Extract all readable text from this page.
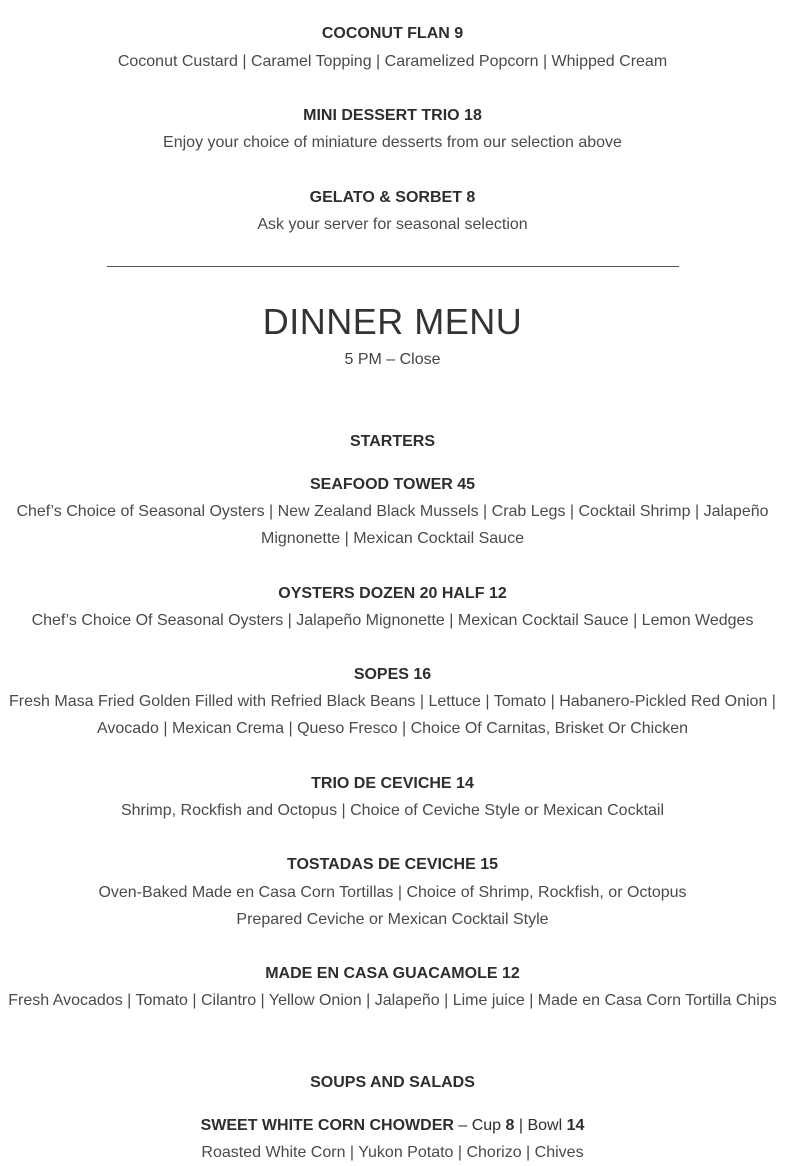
COCONUT FLAN 9
Coconut Custard | Caramel Topping | Caramelized Popcorn | Whipped Cream
MINI DESSERT TRIO 18
Enjoy your choice of miniature desserts from our selection above
GELATO & SORBET 8
Ask your server for seasonal selection
DINNER MENU
5 PM – Close
STARTERS
SEAFOOD TOWER 45
Chef’s Choice of Seasonal Oysters | New Zealand Black Mussels | Crab Legs | Cocktail Shrimp | Jalapeño Mignonette | Mexican Cocktail Sauce
OYSTERS DOZEN 20 HALF 12
Chef’s Choice Of Seasonal Oysters | Jalapeño Mignonette | Mexican Cocktail Sauce | Lemon Wedges
SOPES 16
Fresh Masa Fried Golden Filled with Refried Black Beans | Lettuce | Tomato | Habanero-Pickled Red Onion | Avocado | Mexican Crema | Queso Fresco | Choice Of Carnitas, Brisket Or Chicken
TRIO DE CEVICHE 14
Shrimp, Rockfish and Octopus | Choice of Ceviche Style or Mexican Cocktail
TOSTADAS DE CEVICHE 15
Oven-Baked Made en Casa Corn Tortillas | Choice of Shrimp, Rockfish, or Octopus
Prepared Ceviche or Mexican Cocktail Style
MADE EN CASA GUACAMOLE 12
Fresh Avocados | Tomato | Cilantro | Yellow Onion | Jalapeño | Lime juice | Made en Casa Corn Tortilla Chips
SOUPS AND SALADS
SWEET WHITE CORN CHOWDER – Cup 8 | Bowl 14
Roasted White Corn | Yukon Potato | Chorizo | Chives
